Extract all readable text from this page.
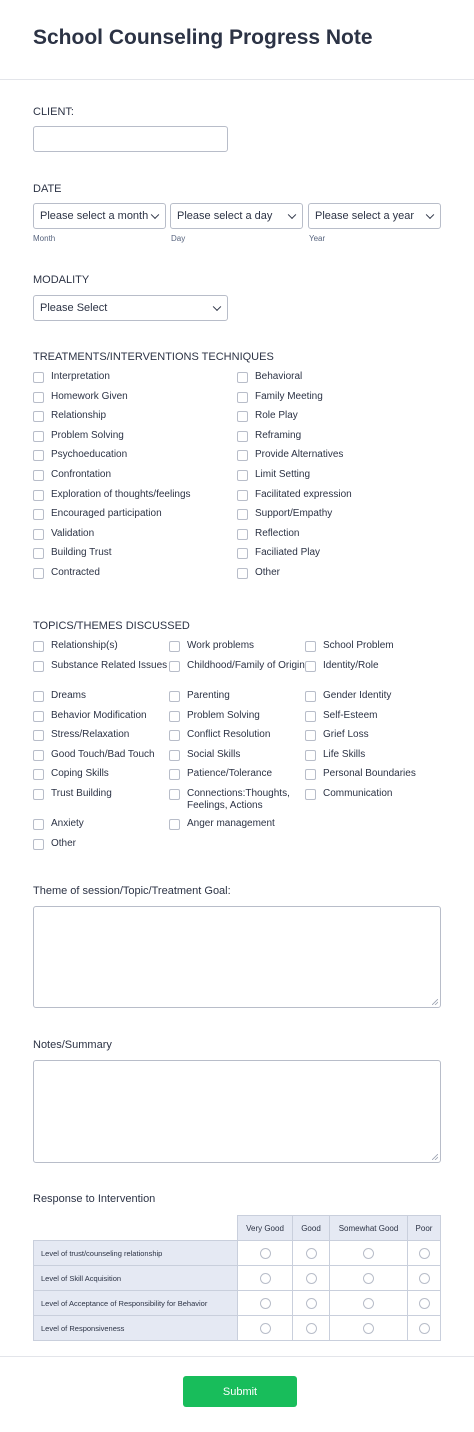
School Counseling Progress Note
CLIENT:
DATE
Please select a month	Please select a day	Please select a year
Month	Day	Year
MODALITY
Please Select
TREATMENTS/INTERVENTIONS TECHNIQUES
Interpretation
Homework Given
Relationship
Problem Solving
Psychoeducation
Confrontation
Exploration of thoughts/feelings
Encouraged participation
Validation
Building Trust
Contracted
Behavioral
Family Meeting
Role Play
Reframing
Provide Alternatives
Limit Setting
Facilitated expression
Support/Empathy
Reflection
Faciliated Play
Other
TOPICS/THEMES DISCUSSED
Relationship(s)
Substance Related Issues
Dreams
Behavior Modification
Stress/Relaxation
Good Touch/Bad Touch
Coping Skills
Trust Building
Anxiety
Other
Work problems
Childhood/Family of Origin
Parenting
Problem Solving
Conflict Resolution
Social Skills
Patience/Tolerance
Connections:Thoughts, Feelings, Actions
Anger management
School Problem
Identity/Role
Gender Identity
Self-Esteem
Grief Loss
Life Skills
Personal Boundaries
Communication
Theme of session/Topic/Treatment Goal:
Notes/Summary
Response to Intervention
Very Good	Good	Somewhat Good	Poor
Level of trust/counseling relationship
Level of Skill Acquisition
Level of Acceptance of Responsibility for Behavior
Level of Responsiveness
Submit
